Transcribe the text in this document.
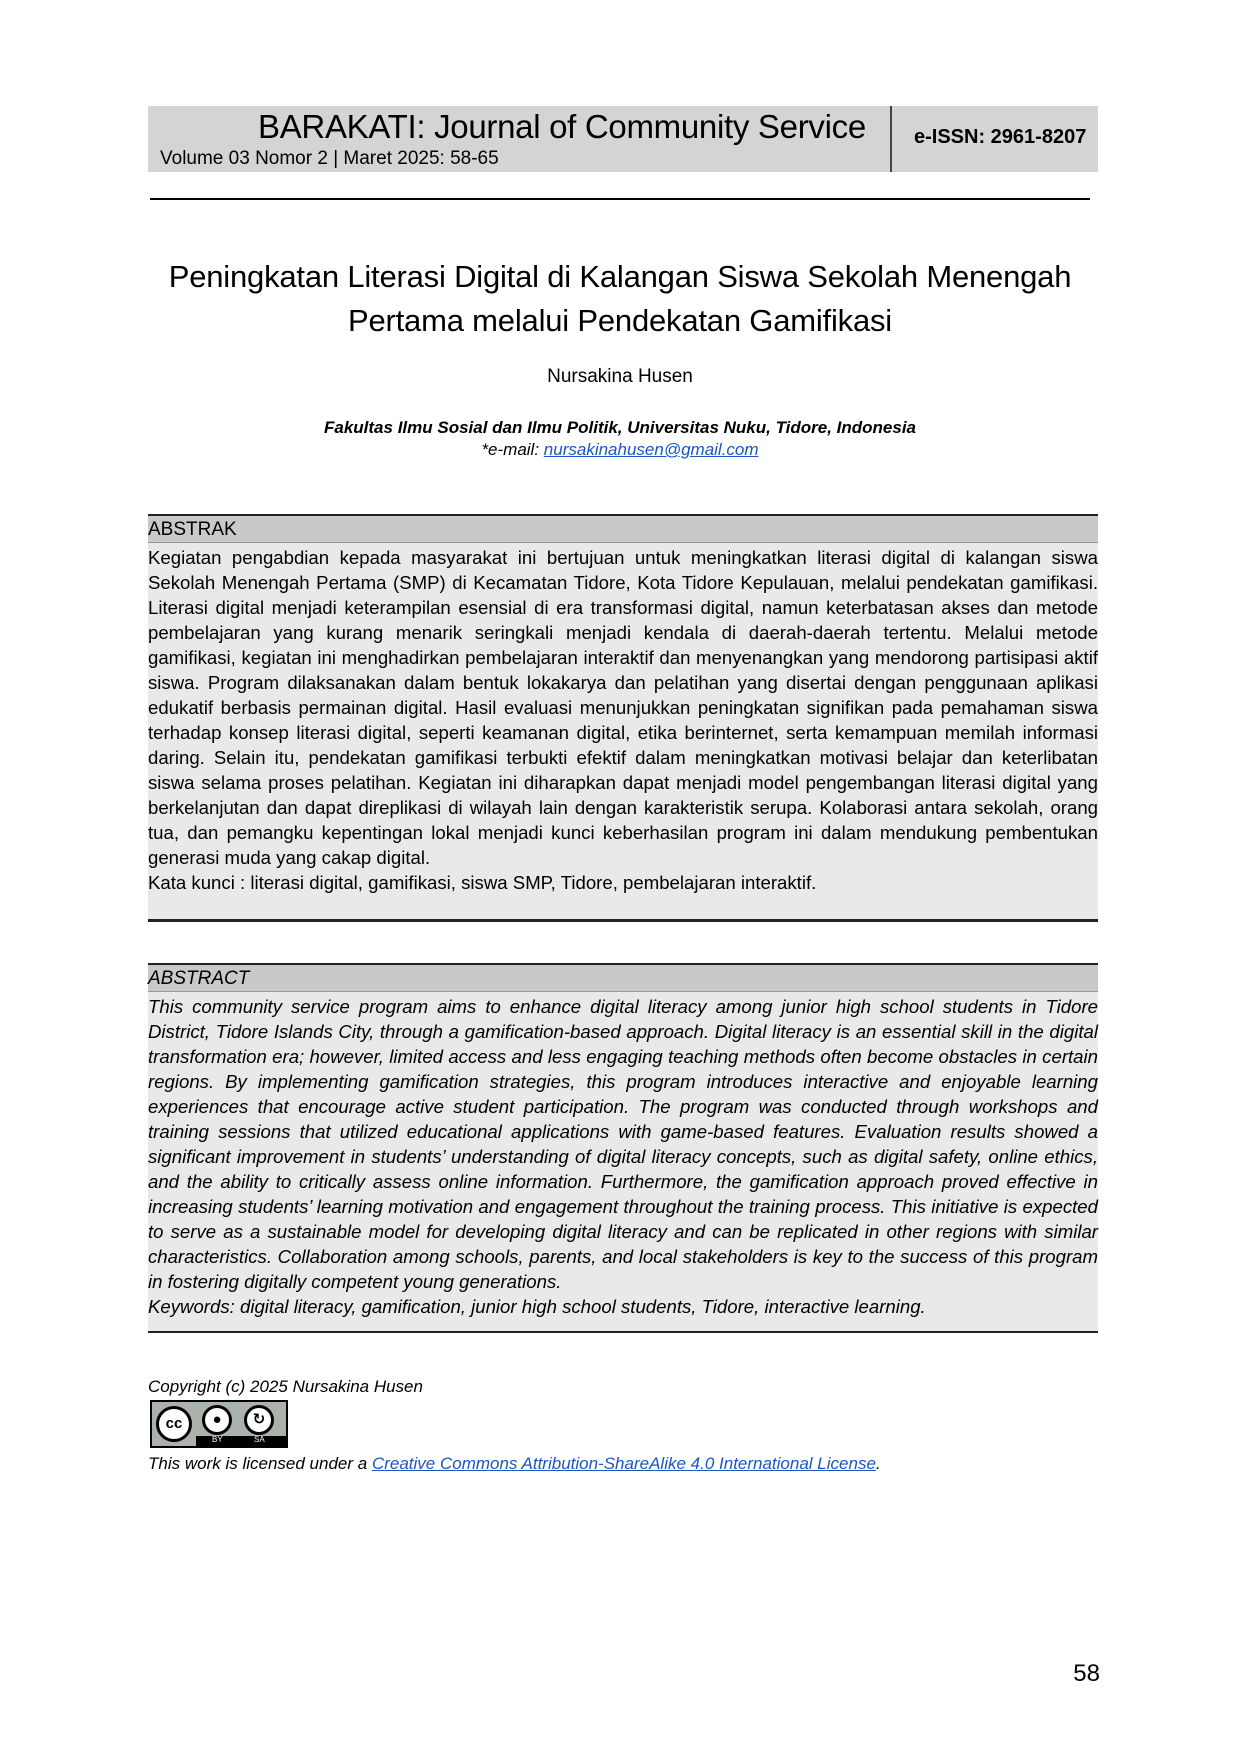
BARAKATI: Journal of Community Service
Volume 03 Nomor 2 | Maret 2025: 58-65
e-ISSN: 2961-8207
Peningkatan Literasi Digital di Kalangan Siswa Sekolah Menengah
Pertama melalui Pendekatan Gamifikasi
Nursakina Husen
Fakultas Ilmu Sosial dan Ilmu Politik, Universitas Nuku, Tidore, Indonesia
*e-mail: nursakinahusen@gmail.com
ABSTRAK

Kegiatan pengabdian kepada masyarakat ini bertujuan untuk meningkatkan literasi digital di kalangan siswa Sekolah Menengah Pertama (SMP) di Kecamatan Tidore, Kota Tidore Kepulauan, melalui pendekatan gamifikasi. Literasi digital menjadi keterampilan esensial di era transformasi digital, namun keterbatasan akses dan metode pembelajaran yang kurang menarik seringkali menjadi kendala di daerah-daerah tertentu. Melalui metode gamifikasi, kegiatan ini menghadirkan pembelajaran interaktif dan menyenangkan yang mendorong partisipasi aktif siswa. Program dilaksanakan dalam bentuk lokakarya dan pelatihan yang disertai dengan penggunaan aplikasi edukatif berbasis permainan digital. Hasil evaluasi menunjukkan peningkatan signifikan pada pemahaman siswa terhadap konsep literasi digital, seperti keamanan digital, etika berinternet, serta kemampuan memilah informasi daring. Selain itu, pendekatan gamifikasi terbukti efektif dalam meningkatkan motivasi belajar dan keterlibatan siswa selama proses pelatihan. Kegiatan ini diharapkan dapat menjadi model pengembangan literasi digital yang berkelanjutan dan dapat direplikasi di wilayah lain dengan karakteristik serupa. Kolaborasi antara sekolah, orang tua, dan pemangku kepentingan lokal menjadi kunci keberhasilan program ini dalam mendukung pembentukan generasi muda yang cakap digital.

Kata kunci : literasi digital, gamifikasi, siswa SMP, Tidore, pembelajaran interaktif.

ABSTRACT

This community service program aims to enhance digital literacy among junior high school students in Tidore District, Tidore Islands City, through a gamification-based approach. Digital literacy is an essential skill in the digital transformation era; however, limited access and less engaging teaching methods often become obstacles in certain regions. By implementing gamification strategies, this program introduces interactive and enjoyable learning experiences that encourage active student participation. The program was conducted through workshops and training sessions that utilized educational applications with game-based features. Evaluation results showed a significant improvement in students’ understanding of digital literacy concepts, such as digital safety, online ethics, and the ability to critically assess online information. Furthermore, the gamification approach proved effective in increasing students’ learning motivation and engagement throughout the training process. This initiative is expected to serve as a sustainable model for developing digital literacy and can be replicated in other regions with similar characteristics. Collaboration among schools, parents, and local stakeholders is key to the success of this program in fostering digitally competent young generations.

Keywords: digital literacy, gamification, junior high school students, Tidore, interactive learning.

Copyright (c) 2025 Nursakina Husen
cc	●	↻
BY	SA
This work is licensed under a Creative Commons Attribution-ShareAlike 4.0 International License.
58
